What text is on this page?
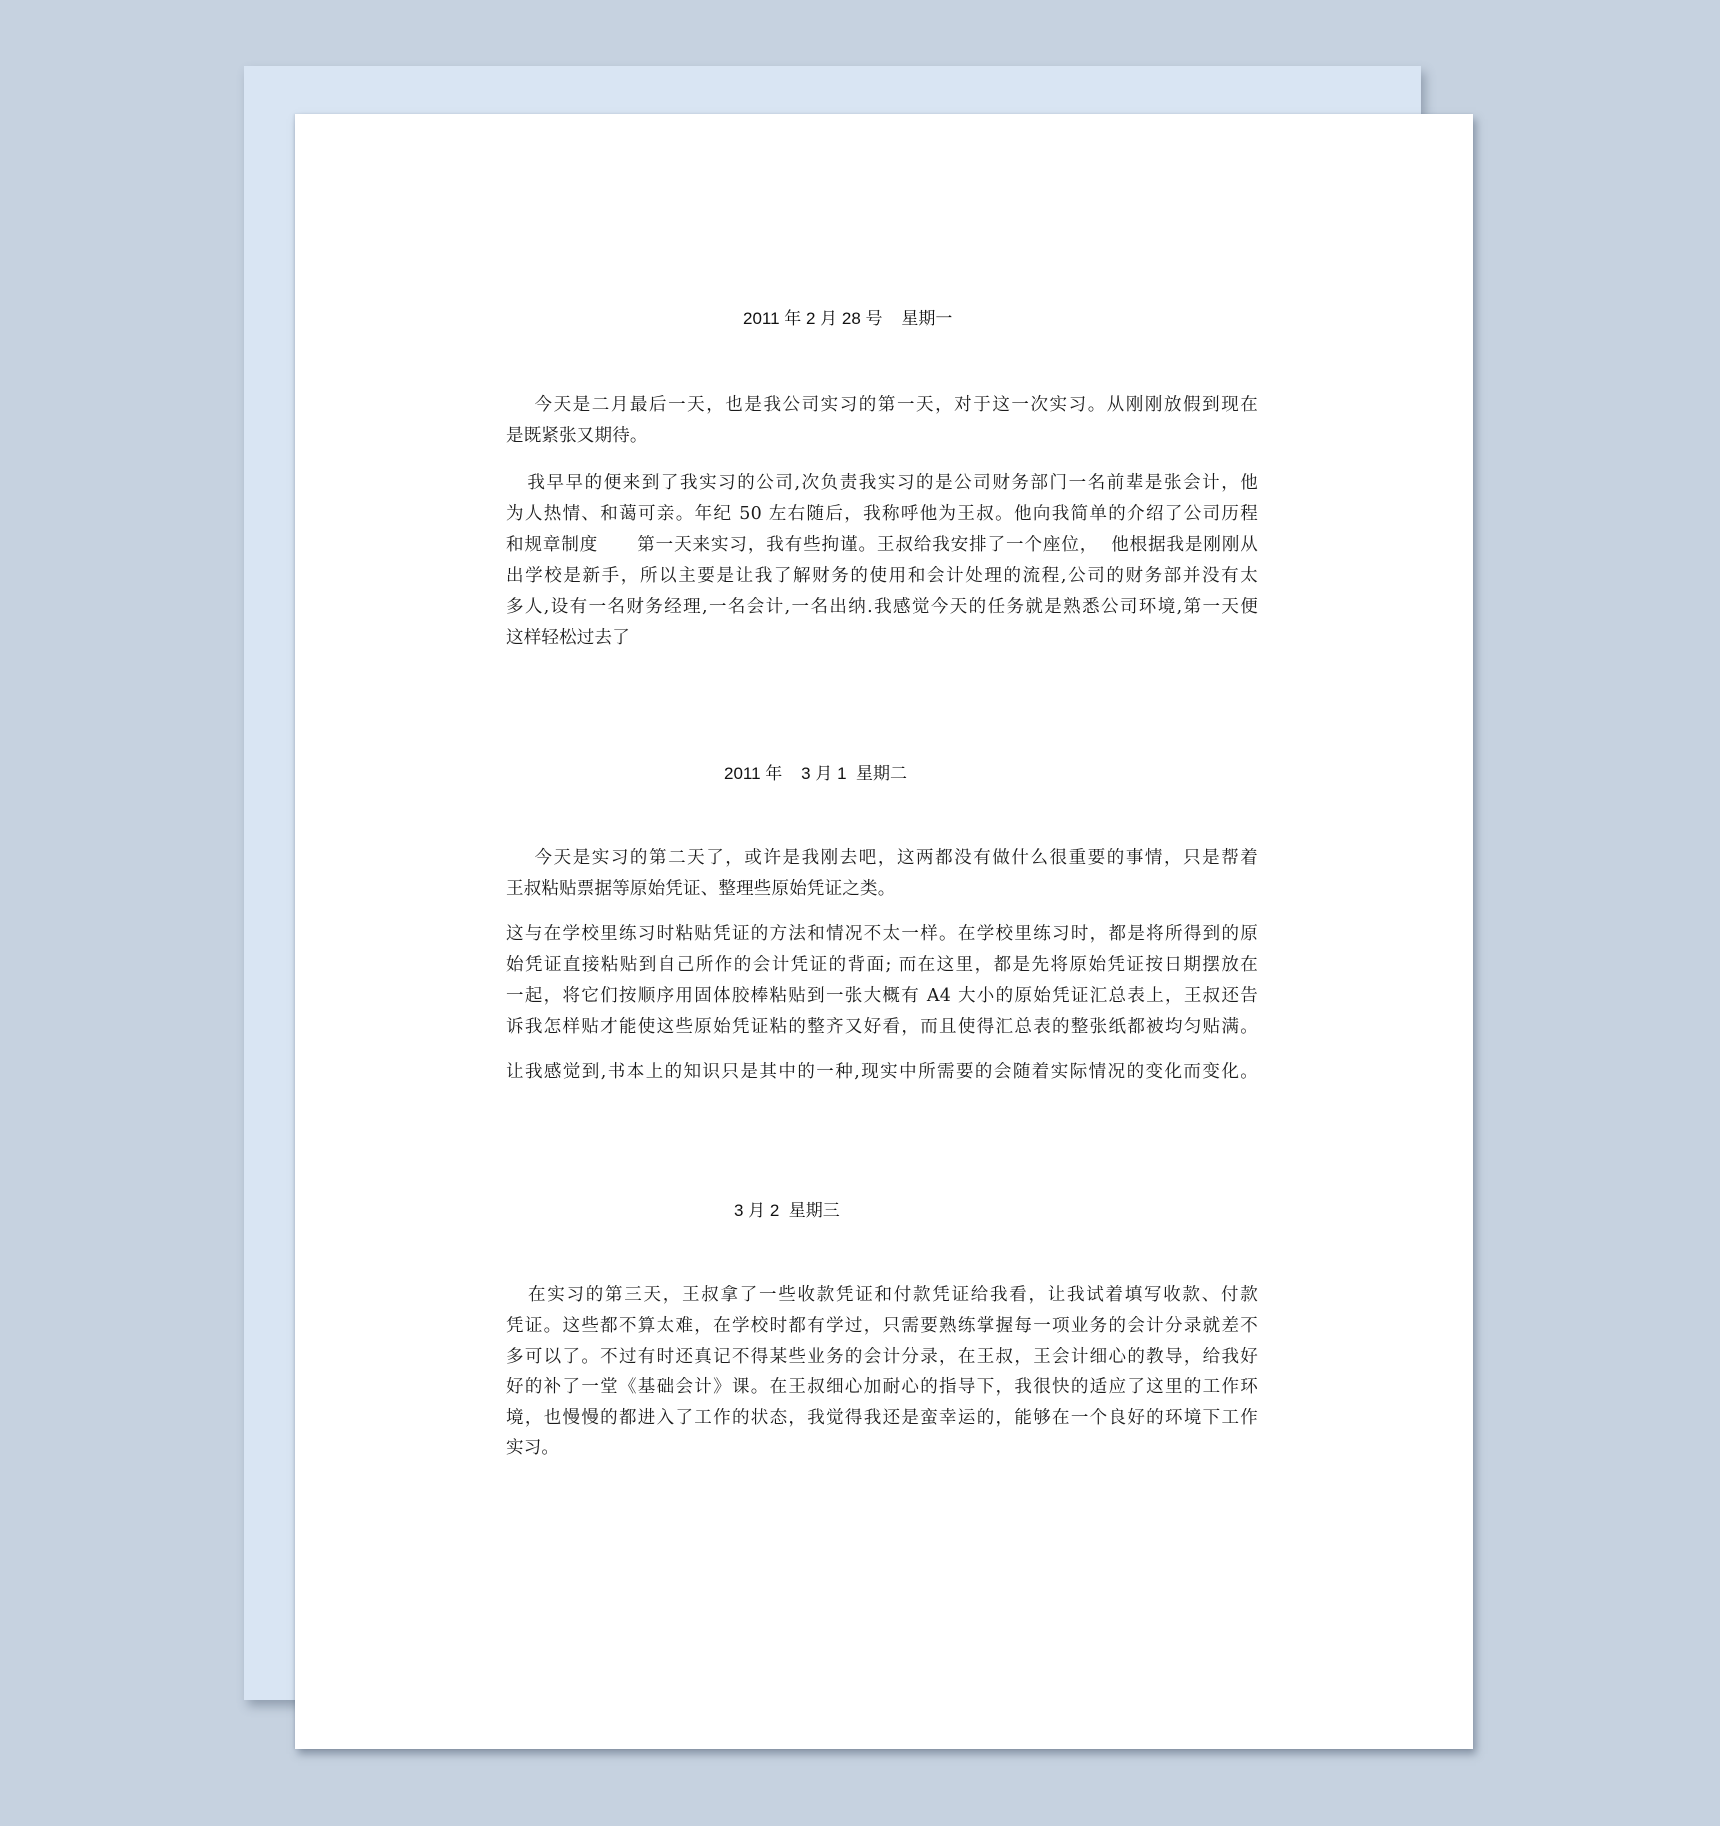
2011 年 2 月 28 号    星期一
今天是二月最后一天，也是我公司实习的第一天，对于这一次实习。从刚刚放假到现在
是既紧张又期待。
我早早的便来到了我实习的公司,次负责我实习的是公司财务部门一名前辈是张会计，他
为人热情、和蔼可亲。年纪 50 左右随后，我称呼他为王叔。他向我简单的介绍了公司历程
和规章制度      第一天来实习，我有些拘谨。王叔给我安排了一个座位，  他根据我是刚刚从
出学校是新手，所以主要是让我了解财务的使用和会计处理的流程,公司的财务部并没有太
多人,设有一名财务经理,一名会计,一名出纳.我感觉今天的任务就是熟悉公司环境,第一天便
这样轻松过去了
2011 年    3 月 1  星期二
今天是实习的第二天了，或许是我刚去吧，这两都没有做什么很重要的事情，只是帮着
王叔粘贴票据等原始凭证、整理些原始凭证之类。
这与在学校里练习时粘贴凭证的方法和情况不太一样。在学校里练习时，都是将所得到的原
始凭证直接粘贴到自己所作的会计凭证的背面; 而在这里，都是先将原始凭证按日期摆放在
一起，将它们按顺序用固体胶棒粘贴到一张大概有 A4 大小的原始凭证汇总表上，王叔还告
诉我怎样贴才能使这些原始凭证粘的整齐又好看，而且使得汇总表的整张纸都被均匀贴满。
让我感觉到,书本上的知识只是其中的一种,现实中所需要的会随着实际情况的变化而变化。
3 月 2  星期三
在实习的第三天，王叔拿了一些收款凭证和付款凭证给我看，让我试着填写收款、付款
凭证。这些都不算太难，在学校时都有学过，只需要熟练掌握每一项业务的会计分录就差不
多可以了。不过有时还真记不得某些业务的会计分录，在王叔，王会计细心的教导，给我好
好的补了一堂《基础会计》课。在王叔细心加耐心的指导下，我很快的适应了这里的工作环
境，也慢慢的都进入了工作的状态，我觉得我还是蛮幸运的，能够在一个良好的环境下工作
实习。
